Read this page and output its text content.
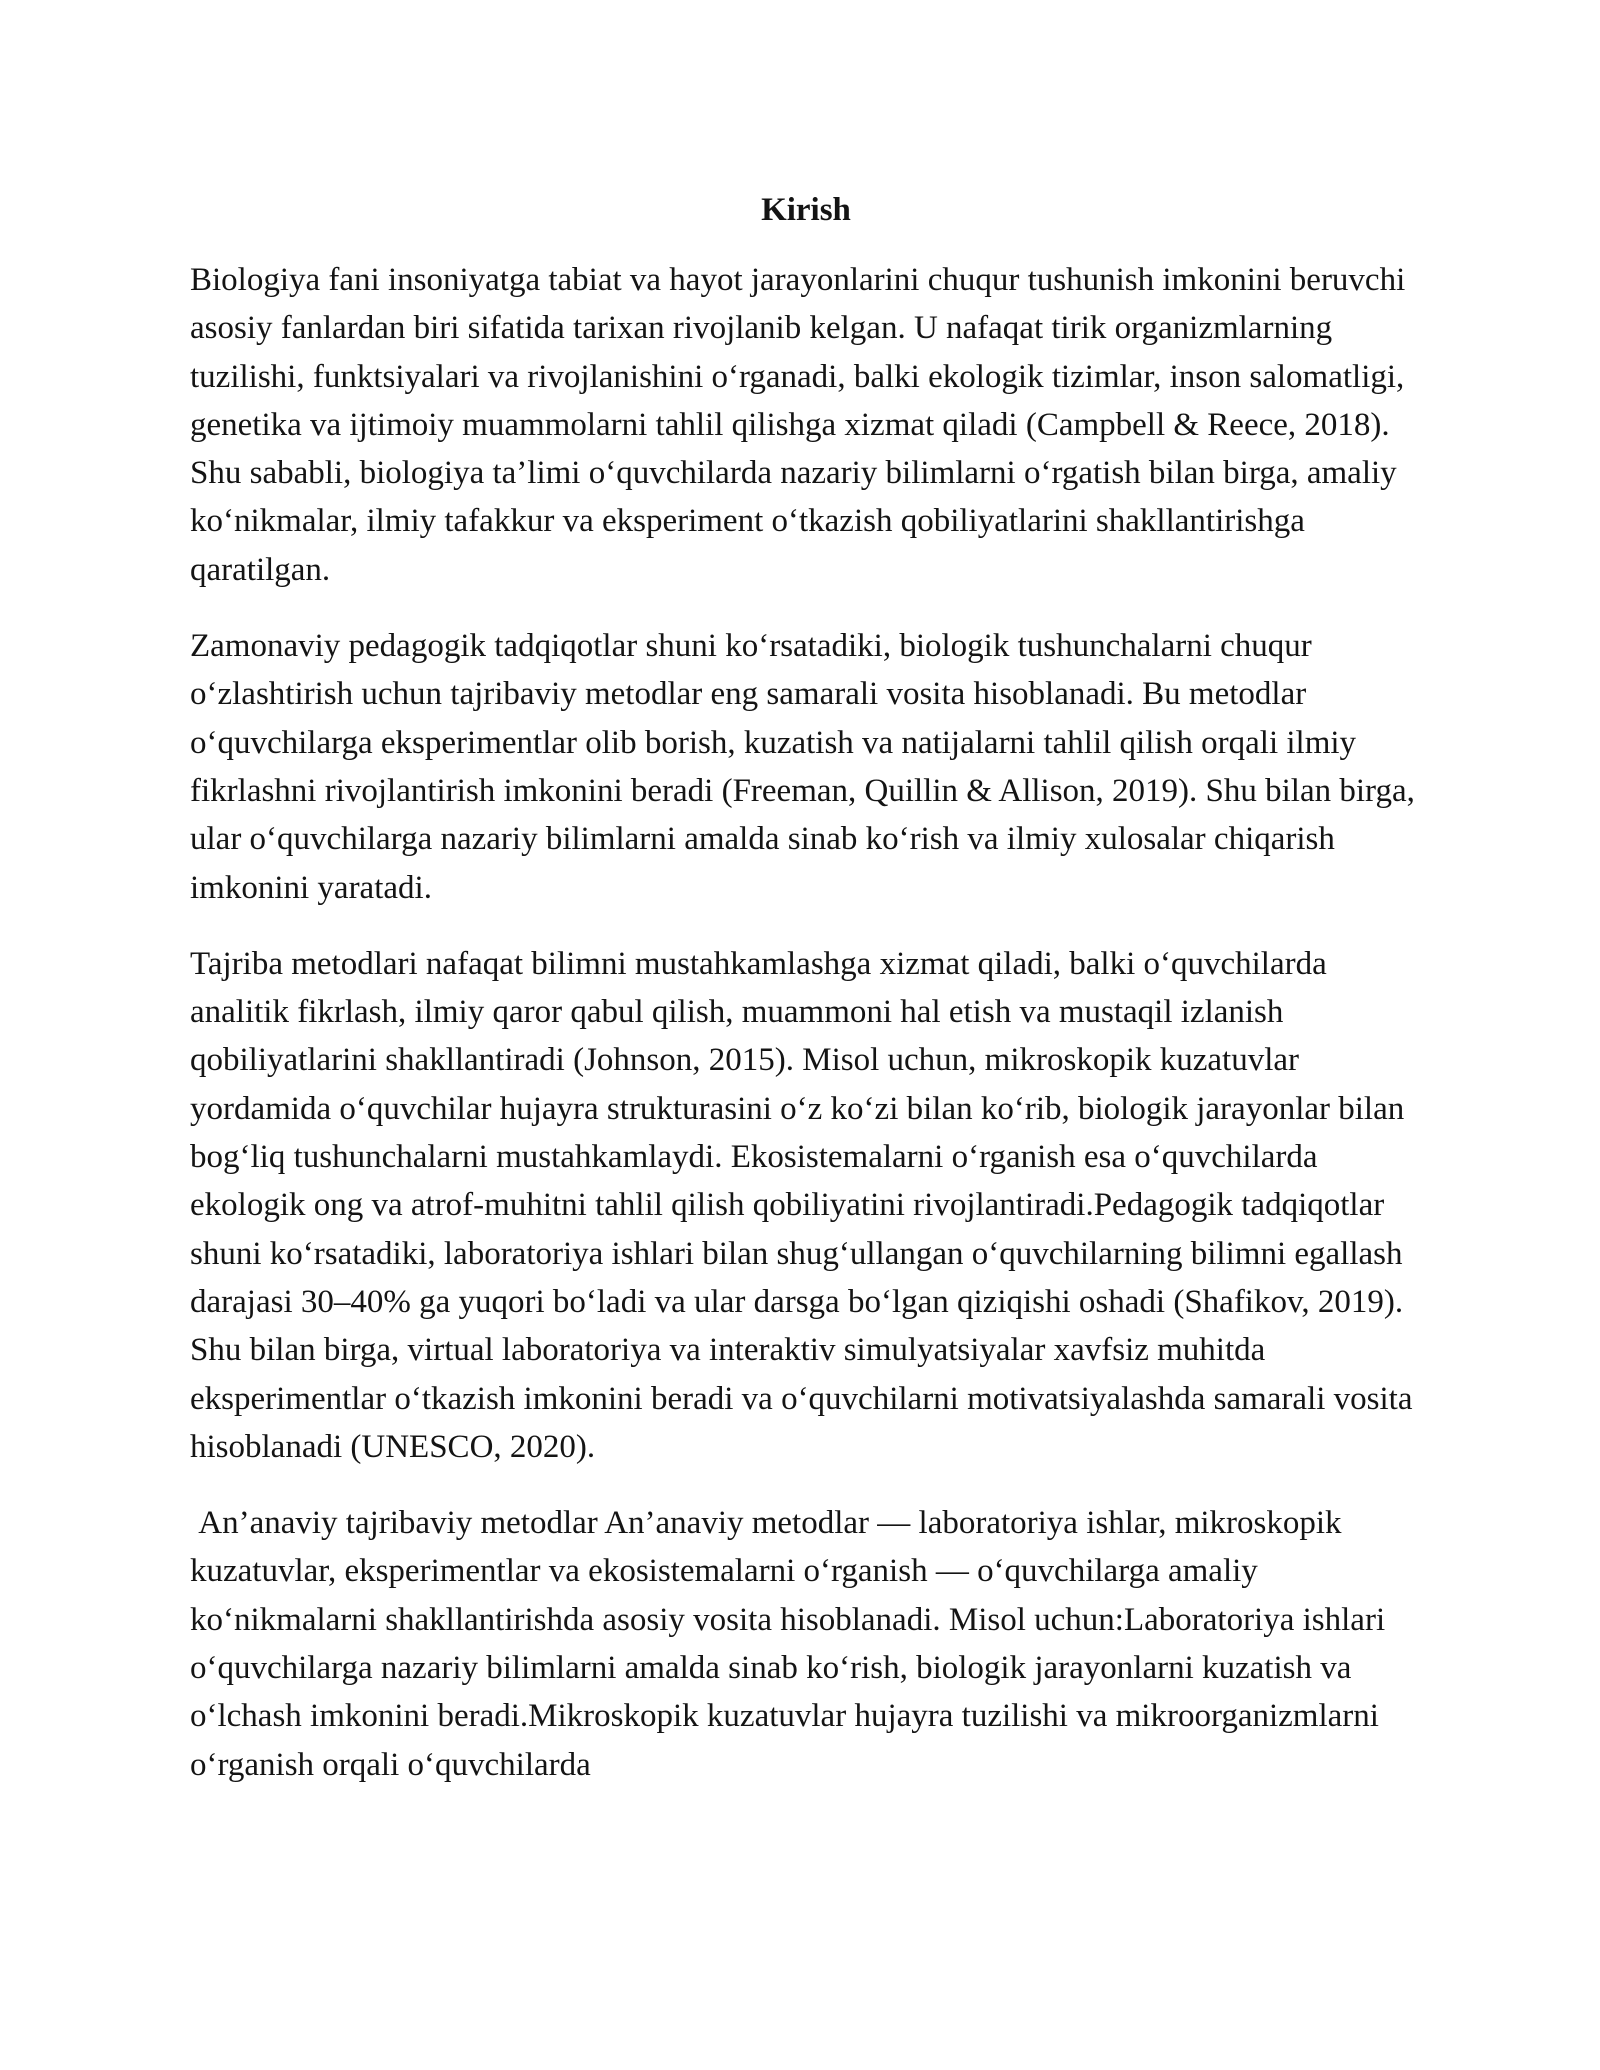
Kirish

Biologiya fani insoniyatga tabiat va hayot jarayonlarini chuqur tushunish imkonini beruvchi asosiy fanlardan biri sifatida tarixan rivojlanib kelgan. U nafaqat tirik organizmlarning tuzilishi, funktsiyalari va rivojlanishini o‘rganadi, balki ekologik tizimlar, inson salomatligi, genetika va ijtimoiy muammolarni tahlil qilishga xizmat qiladi (Campbell & Reece, 2018). Shu sababli, biologiya ta’limi o‘quvchilarda nazariy bilimlarni o‘rgatish bilan birga, amaliy ko‘nikmalar, ilmiy tafakkur va eksperiment o‘tkazish qobiliyatlarini shakllantirishga qaratilgan.

Zamonaviy pedagogik tadqiqotlar shuni ko‘rsatadiki, biologik tushunchalarni chuqur o‘zlashtirish uchun tajribaviy metodlar eng samarali vosita hisoblanadi. Bu metodlar o‘quvchilarga eksperimentlar olib borish, kuzatish va natijalarni tahlil qilish orqali ilmiy fikrlashni rivojlantirish imkonini beradi (Freeman, Quillin & Allison, 2019). Shu bilan birga, ular o‘quvchilarga nazariy bilimlarni amalda sinab ko‘rish va ilmiy xulosalar chiqarish imkonini yaratadi.

Tajriba metodlari nafaqat bilimni mustahkamlashga xizmat qiladi, balki o‘quvchilarda analitik fikrlash, ilmiy qaror qabul qilish, muammoni hal etish va mustaqil izlanish qobiliyatlarini shakllantiradi (Johnson, 2015). Misol uchun, mikroskopik kuzatuvlar yordamida o‘quvchilar hujayra strukturasini o‘z ko‘zi bilan ko‘rib, biologik jarayonlar bilan bog‘liq tushunchalarni mustahkamlaydi. Ekosistemalarni o‘rganish esa o‘quvchilarda ekologik ong va atrof-muhitni tahlil qilish qobiliyatini rivojlantiradi.Pedagogik tadqiqotlar shuni ko‘rsatadiki, laboratoriya ishlari bilan shug‘ullangan o‘quvchilarning bilimni egallash darajasi 30–40% ga yuqori bo‘ladi va ular darsga bo‘lgan qiziqishi oshadi (Shafikov, 2019). Shu bilan birga, virtual laboratoriya va interaktiv simulyatsiyalar xavfsiz muhitda eksperimentlar o‘tkazish imkonini beradi va o‘quvchilarni motivatsiyalashda samarali vosita hisoblanadi (UNESCO, 2020).

An’anaviy tajribaviy metodlar An’anaviy metodlar — laboratoriya ishlar, mikroskopik kuzatuvlar, eksperimentlar va ekosistemalarni o‘rganish — o‘quvchilarga amaliy ko‘nikmalarni shakllantirishda asosiy vosita hisoblanadi. Misol uchun:Laboratoriya ishlari o‘quvchilarga nazariy bilimlarni amalda sinab ko‘rish, biologik jarayonlarni kuzatish va o‘lchash imkonini beradi.Mikroskopik kuzatuvlar hujayra tuzilishi va mikroorganizmlarni o‘rganish orqali o‘quvchilarda
